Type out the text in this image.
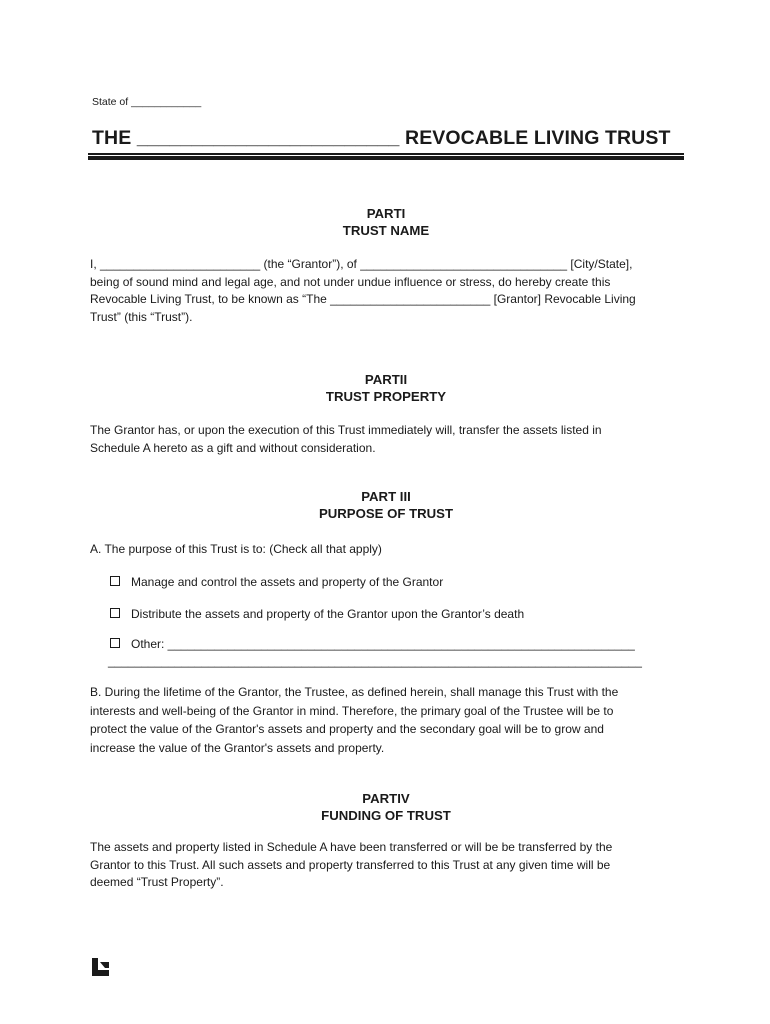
State of ____________
THE ________________________ REVOCABLE LIVING TRUST
PARTI
TRUST NAME

I, ________________________ (the “Grantor”), of _______________________________ [City/State],

being of sound mind and legal age, and not under undue influence or stress, do hereby create this

Revocable Living Trust, to be known as “The ________________________ [Grantor] Revocable Living

Trust” (this “Trust”).

PARTII
TRUST PROPERTY

The Grantor has, or upon the execution of this Trust immediately will, transfer the assets listed in

Schedule A hereto as a gift and without consideration.

PART III
PURPOSE OF TRUST

A. The purpose of this Trust is to: (Check all that apply)

Manage and control the assets and property of the Grantor
Distribute the assets and property of the Grantor upon the Grantor’s death
Other: ______________________________________________________________________
________________________________________________________________________________

B. During the lifetime of the Grantor, the Trustee, as defined herein, shall manage this Trust with the

interests and well-being of the Grantor in mind. Therefore, the primary goal of the Trustee will be to

protect the value of the Grantor's assets and property and the secondary goal will be to grow and

increase the value of the Grantor's assets and property.

PARTIV
FUNDING OF TRUST

The assets and property listed in Schedule A have been transferred or will be be transferred by the

Grantor to this Trust. All such assets and property transferred to this Trust at any given time will be

deemed “Trust Property”.
